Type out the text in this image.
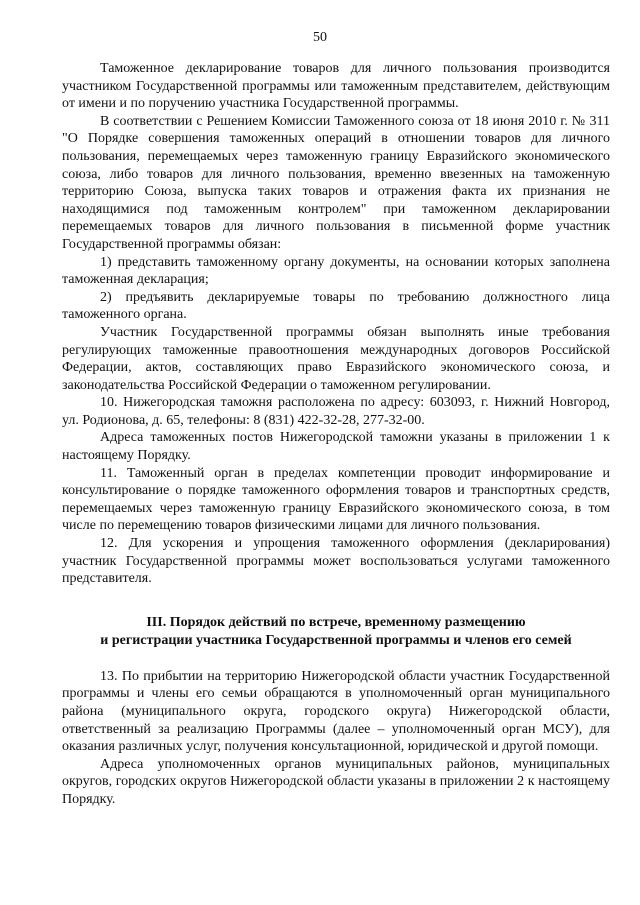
50

Таможенное декларирование товаров для личного пользования производится участником Государственной программы или таможенным представителем, действующим от имени и по поручению участника Государственной программы.

В соответствии с Решением Комиссии Таможенного союза от 18 июня 2010 г. № 311 "О Порядке совершения таможенных операций в отношении товаров для личного пользования, перемещаемых через таможенную границу Евразийского экономического союза, либо товаров для личного пользования, временно ввезенных на таможенную территорию Союза, выпуска таких товаров и отражения факта их признания не находящимися под таможенным контролем" при таможенном декларировании перемещаемых товаров для личного пользования в письменной форме участник Государственной программы обязан:

1) представить таможенному органу документы, на основании которых заполнена таможенная декларация;

2) предъявить декларируемые товары по требованию должностного лица таможенного органа.

Участник Государственной программы обязан выполнять иные требования регулирующих таможенные правоотношения международных договоров Российской Федерации, актов, составляющих право Евразийского экономического союза, и законодательства Российской Федерации о таможенном регулировании.

10. Нижегородская таможня расположена по адресу: 603093, г. Нижний Новгород, ул. Родионова, д. 65, телефоны: 8 (831) 422-32-28, 277-32-00.

Адреса таможенных постов Нижегородской таможни указаны в приложении 1 к настоящему Порядку.

11. Таможенный орган в пределах компетенции проводит информирование и консультирование о порядке таможенного оформления товаров и транспортных средств, перемещаемых через таможенную границу Евразийского экономического союза, в том числе по перемещению товаров физическими лицами для личного пользования.

12. Для ускорения и упрощения таможенного оформления (декларирования) участник Государственной программы может воспользоваться услугами таможенного представителя.

III. Порядок действий по встрече, временному размещению
и регистрации участника Государственной программы и членов его семей

13. По прибытии на территорию Нижегородской области участник Государственной программы и члены его семьи обращаются в уполномоченный орган муниципального района (муниципального округа, городского округа) Нижегородской области, ответственный за реализацию Программы (далее – уполномоченный орган МСУ), для оказания различных услуг, получения консультационной, юридической и другой помощи.

Адреса уполномоченных органов муниципальных районов, муниципальных округов, городских округов Нижегородской области указаны в приложении 2 к настоящему Порядку.
